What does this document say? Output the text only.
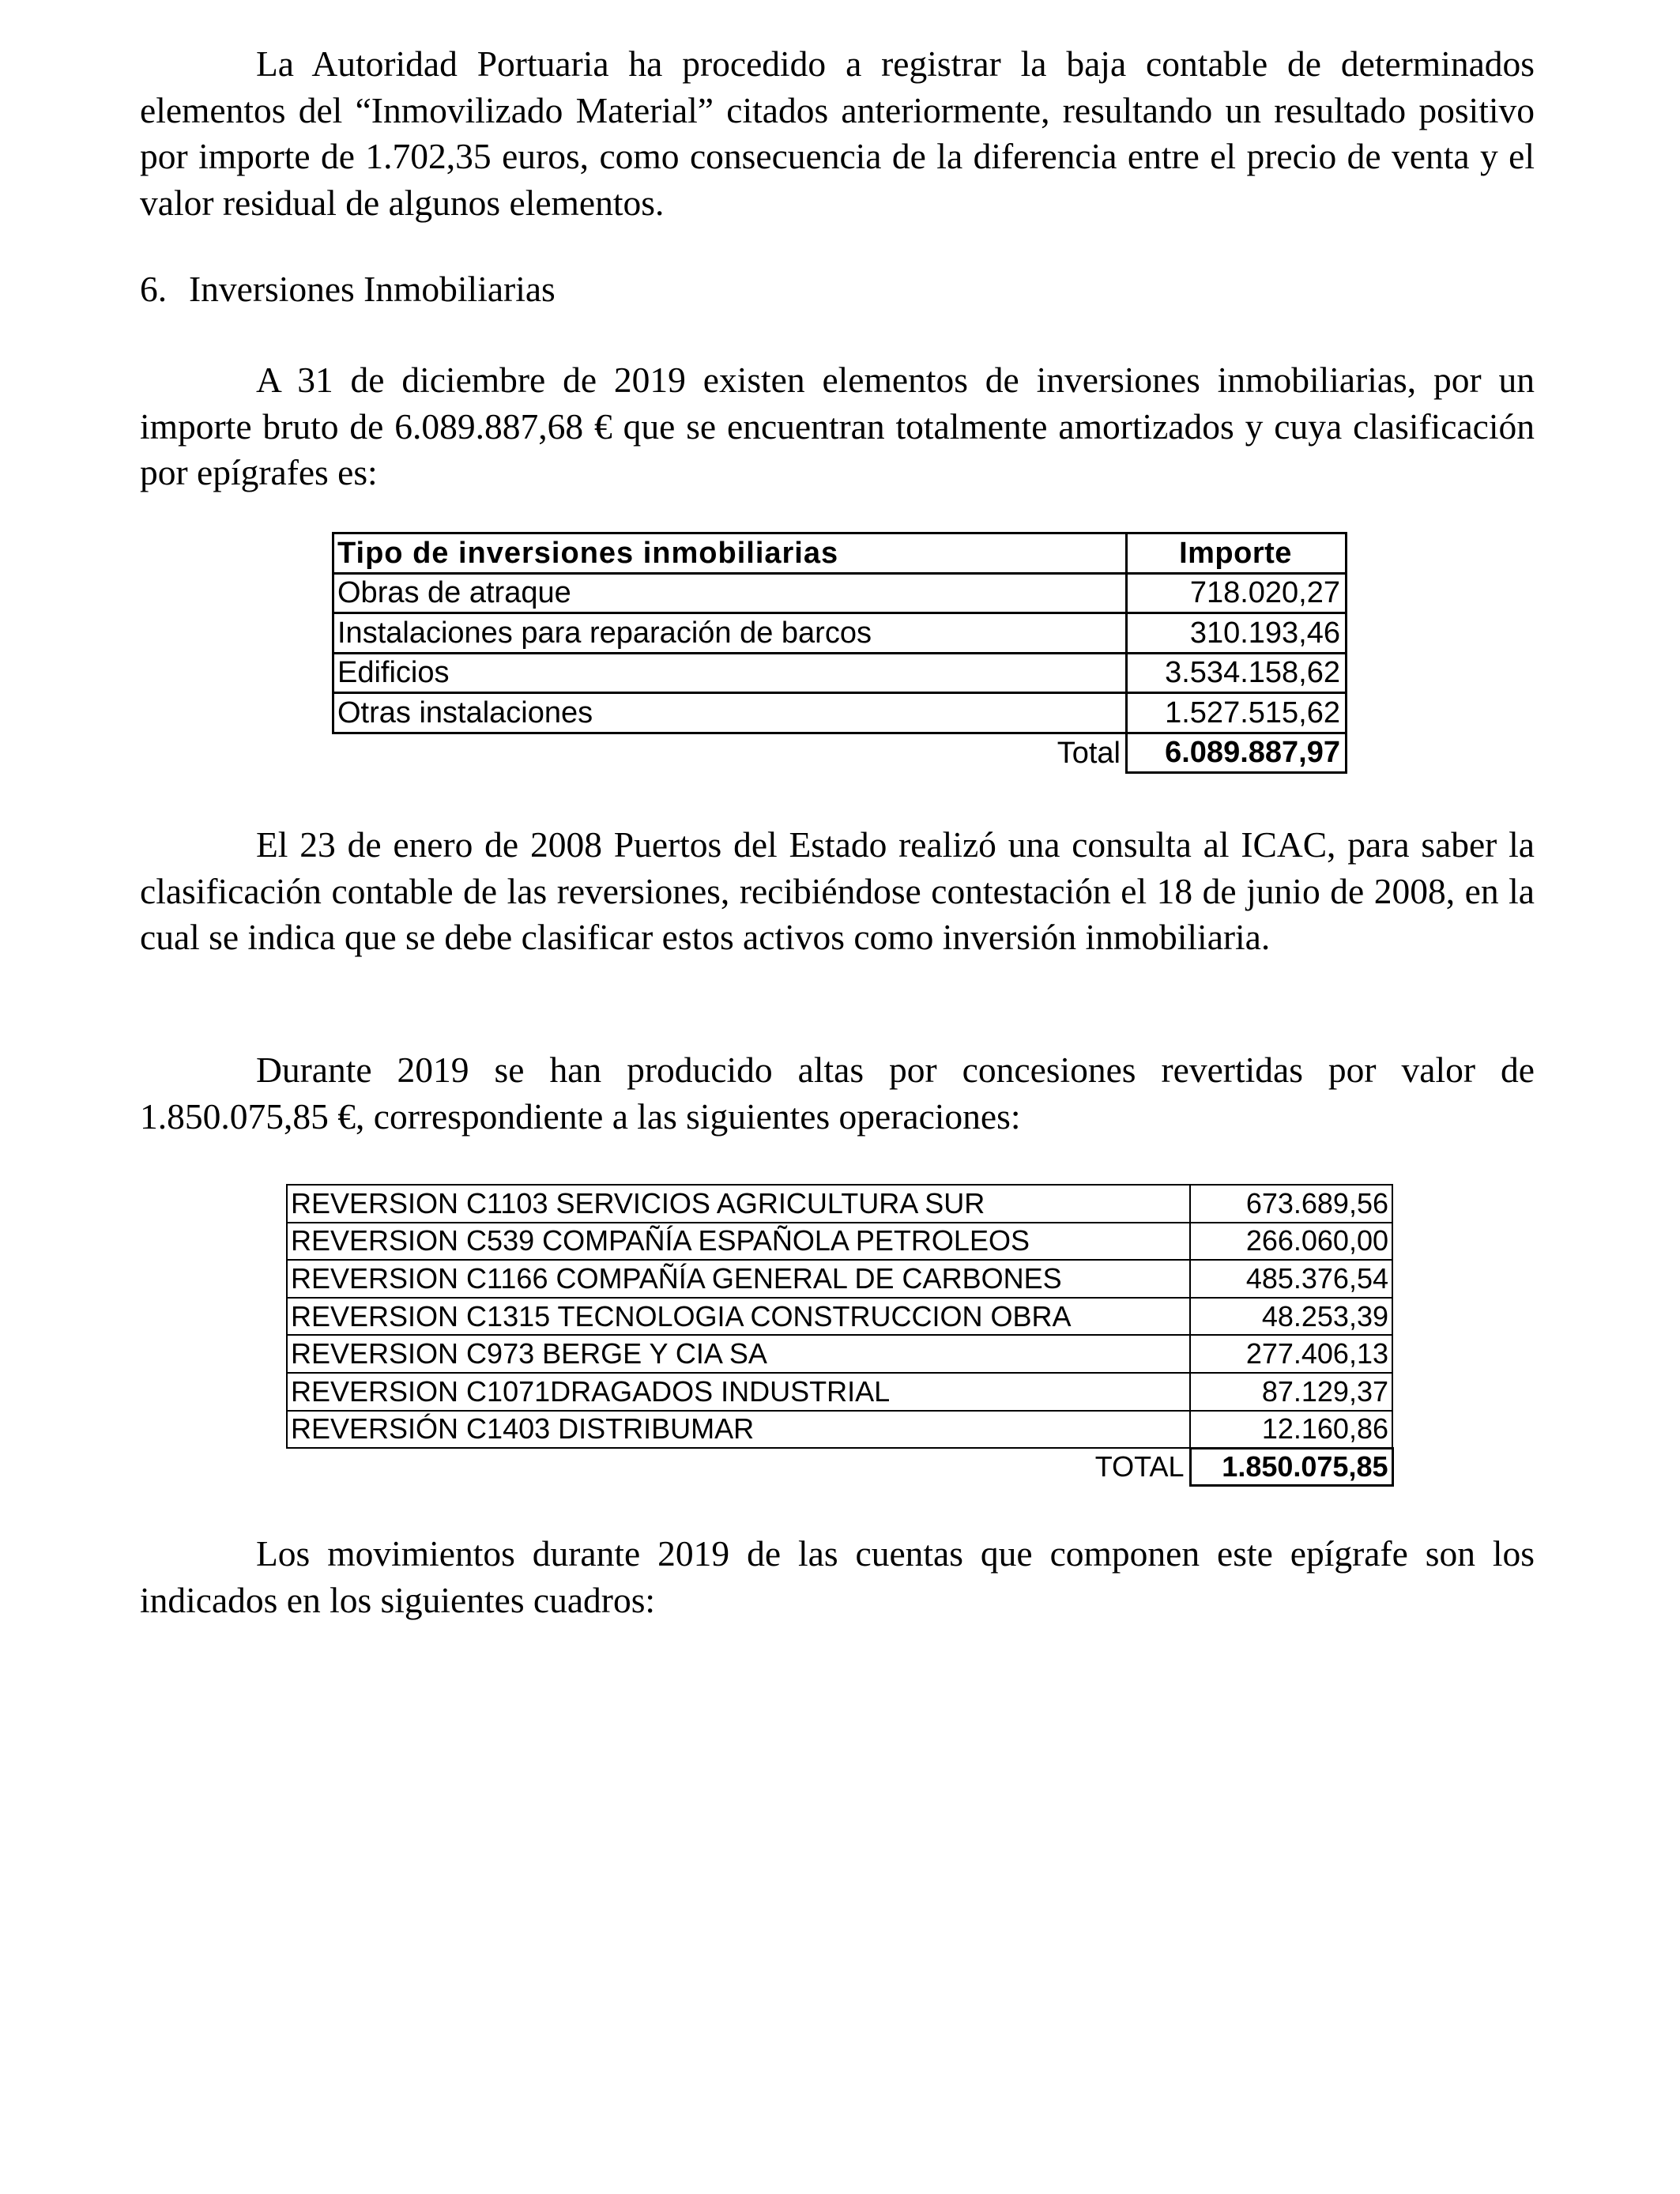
La Autoridad Portuaria ha procedido a registrar la baja contable de determinados elementos del “Inmovilizado Material” citados anteriormente, resultando un resultado positivo por importe de 1.702,35 euros, como consecuencia de la diferencia entre el precio de venta y el valor residual de algunos elementos.

6. Inversiones Inmobiliarias

A 31 de diciembre de 2019 existen elementos de inversiones inmobiliarias, por un importe bruto de 6.089.887,68 € que se encuentran totalmente amortizados y cuya clasificación por epígrafes es:

Tipo de inversiones inmobiliarias	Importe
Obras de atraque	718.020,27
Instalaciones para reparación de barcos	310.193,46
Edificios	3.534.158,62
Otras instalaciones	1.527.515,62
Total	6.089.887,97

El 23 de enero de 2008 Puertos del Estado realizó una consulta al ICAC, para saber la clasificación contable de las reversiones, recibiéndose contestación el 18 de junio de 2008, en la cual se indica que se debe clasificar estos activos como inversión inmobiliaria.

Durante 2019 se han producido altas por concesiones revertidas por valor de 1.850.075,85 €, correspondiente a las siguientes operaciones:

REVERSION C1103 SERVICIOS AGRICULTURA SUR	673.689,56
REVERSION C539 COMPAÑÍA ESPAÑOLA PETROLEOS	266.060,00
REVERSION C1166 COMPAÑÍA GENERAL DE CARBONES	485.376,54
REVERSION C1315 TECNOLOGIA CONSTRUCCION OBRA	48.253,39
REVERSION C973 BERGE Y CIA SA	277.406,13
REVERSION C1071DRAGADOS INDUSTRIAL	87.129,37
REVERSIÓN C1403 DISTRIBUMAR	12.160,86
TOTAL	1.850.075,85

Los movimientos durante 2019 de las cuentas que componen este epígrafe son los indicados en los siguientes cuadros:
